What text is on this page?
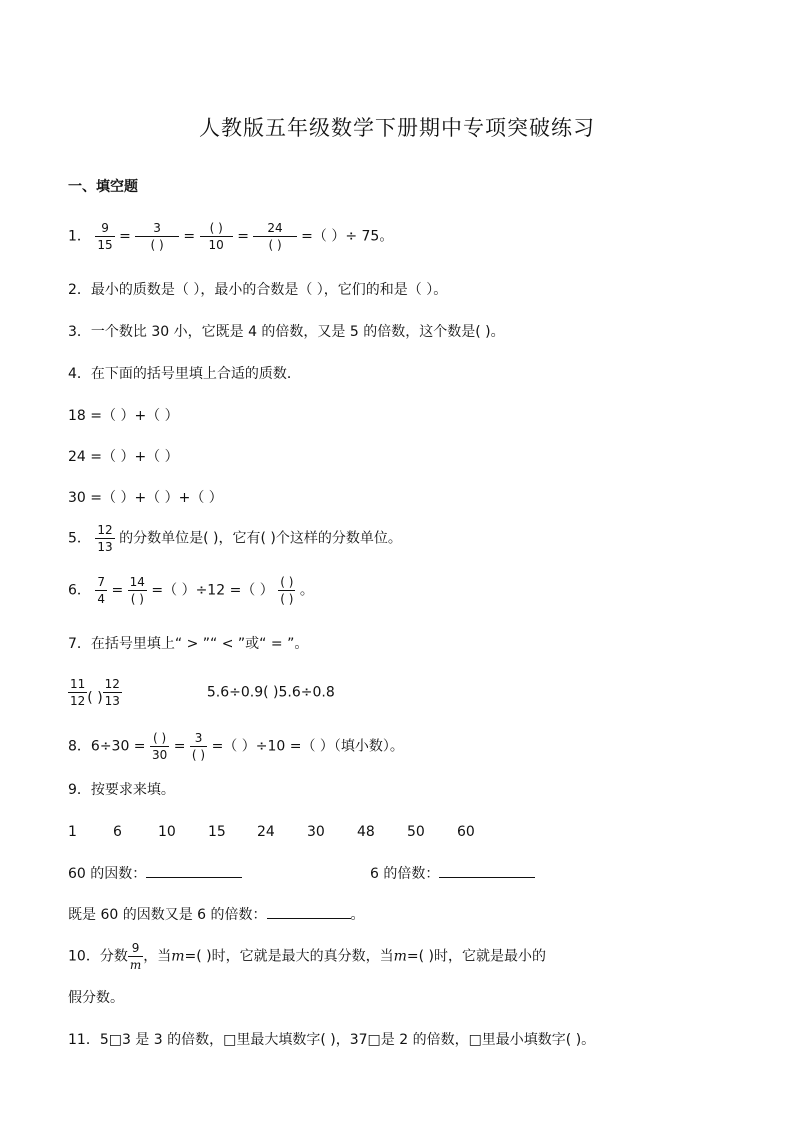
人教版五年级数学下册期中专项突破练习
一、填空题
1． $\frac{9}{15} = \frac{3}{( )} = \frac{( )}{10} = \frac{24}{( )}$ =（ ）÷ 75。
2．最小的质数是（ ），最小的合数是（ ），它们的和是（ ）。
3．一个数比 30 小，它既是 4 的倍数，又是 5 的倍数，这个数是( )。
4．在下面的括号里填上合适的质数．
18 =（ ）+（ ）
24 =（ ）+（ ）
30 =（ ）+（ ）+（ ）
5． $\frac{12}{13}$ 的分数单位是( )，它有( )个这样的分数单位。
6． $\frac{7}{4} = \frac{14}{( )}$ =（ ）÷12 =（ ） $\frac{( )}{( )}$ 。
7．在括号里填上“ > ”“ < ”或“ = ”。
$\frac{11}{12}$ ( ) $\frac{12}{13}$	5.6÷0.9( )5.6÷0.8
8．$6\div 30 = \frac{( )}{30} = \frac{3}{( )}$ =（ ）÷10 =（ ）（填小数）。
9．按要求来填。
1	6	10 15 24 30 48 50 60
60 的因数：	6 的倍数：
既是 60 的因数又是 6 的倍数：	。
10．分数 $\frac{9}{m}$ ，当m=( )时，它就是最大的真分数，当m=( )时，它就是最小的
假分数。
11．5□3 是 3 的倍数，□里最大填数字( )，37□是 2 的倍数，□里最小填数字( )。
